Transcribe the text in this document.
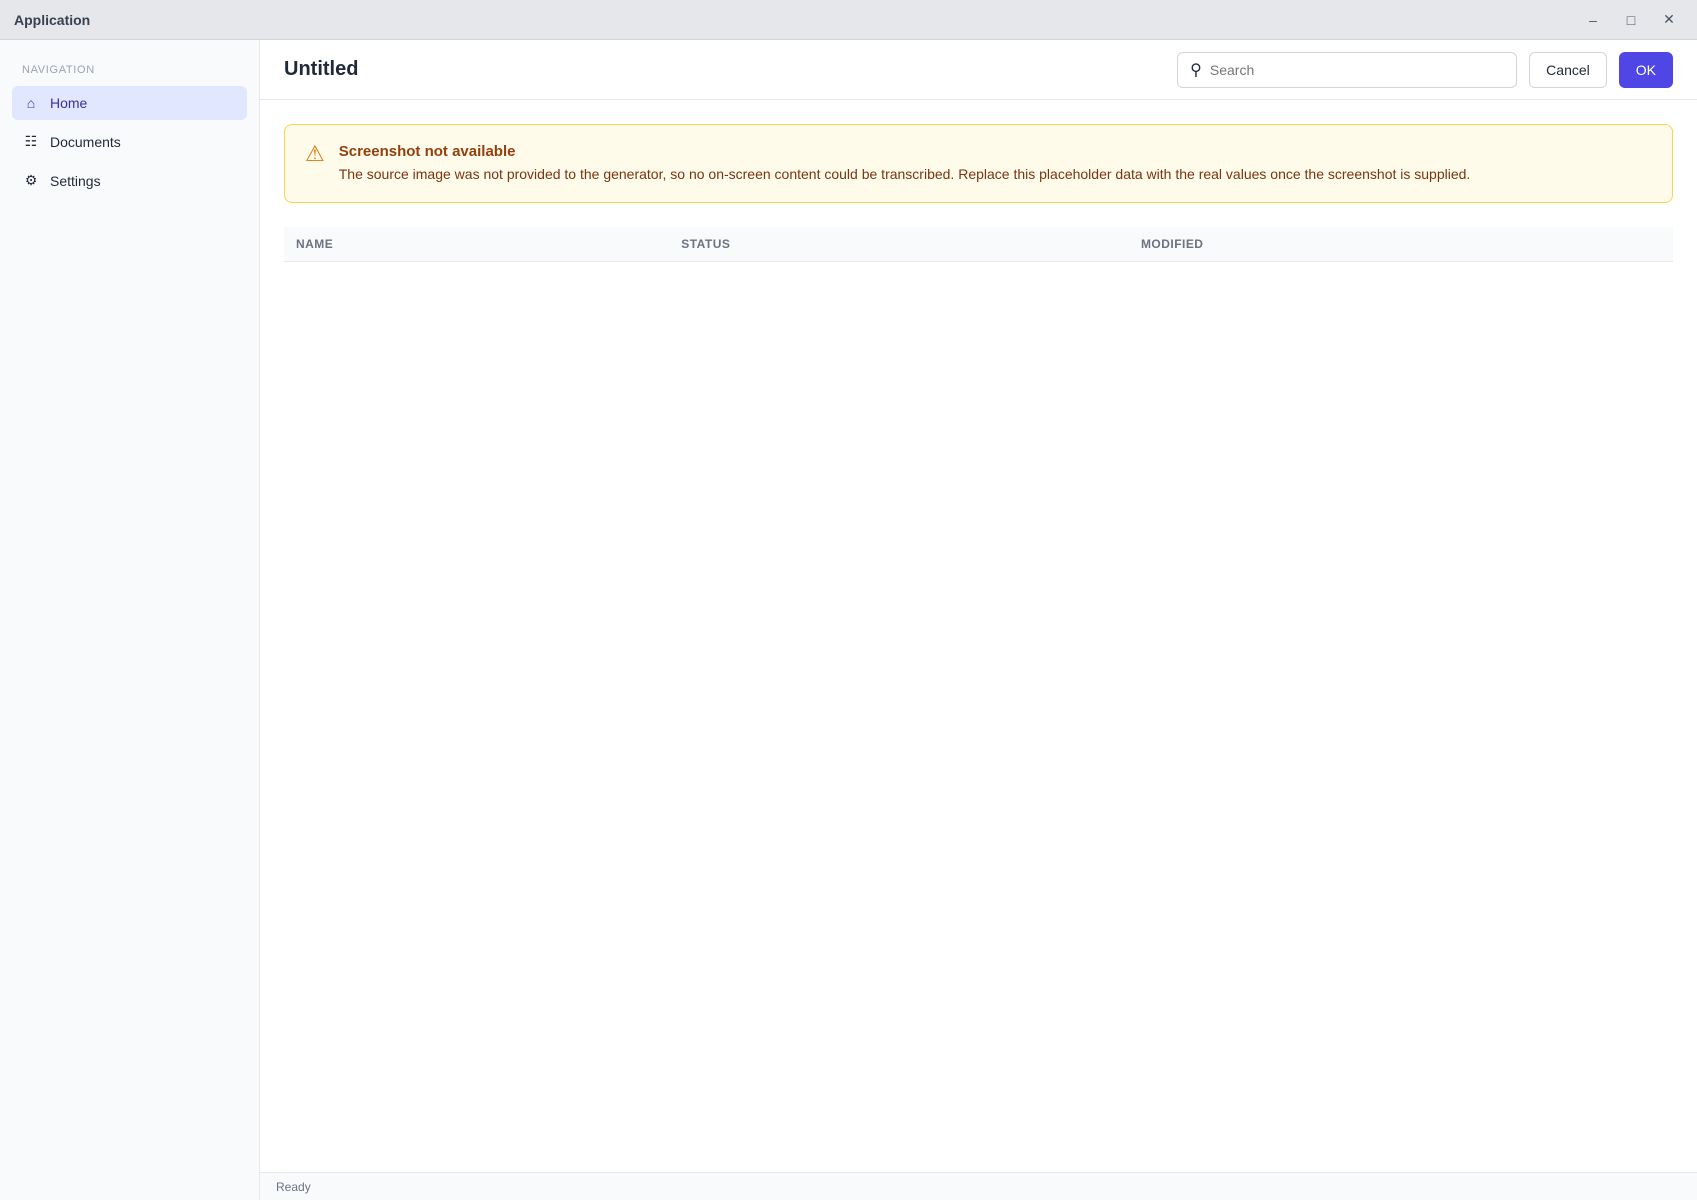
Application	–	□	✕
NAVIGATION
⌂	Home
☷ Documents
⚙ Settings
Untitled	⚲
Search	Cancel	OK
⚠ Screenshot not available
The source image was not provided to the generator, so no on-screen content could be transcribed. Replace this placeholder data with the real values once the screenshot is supplied.
NAME	STATUS	MODIFIED
Ready
